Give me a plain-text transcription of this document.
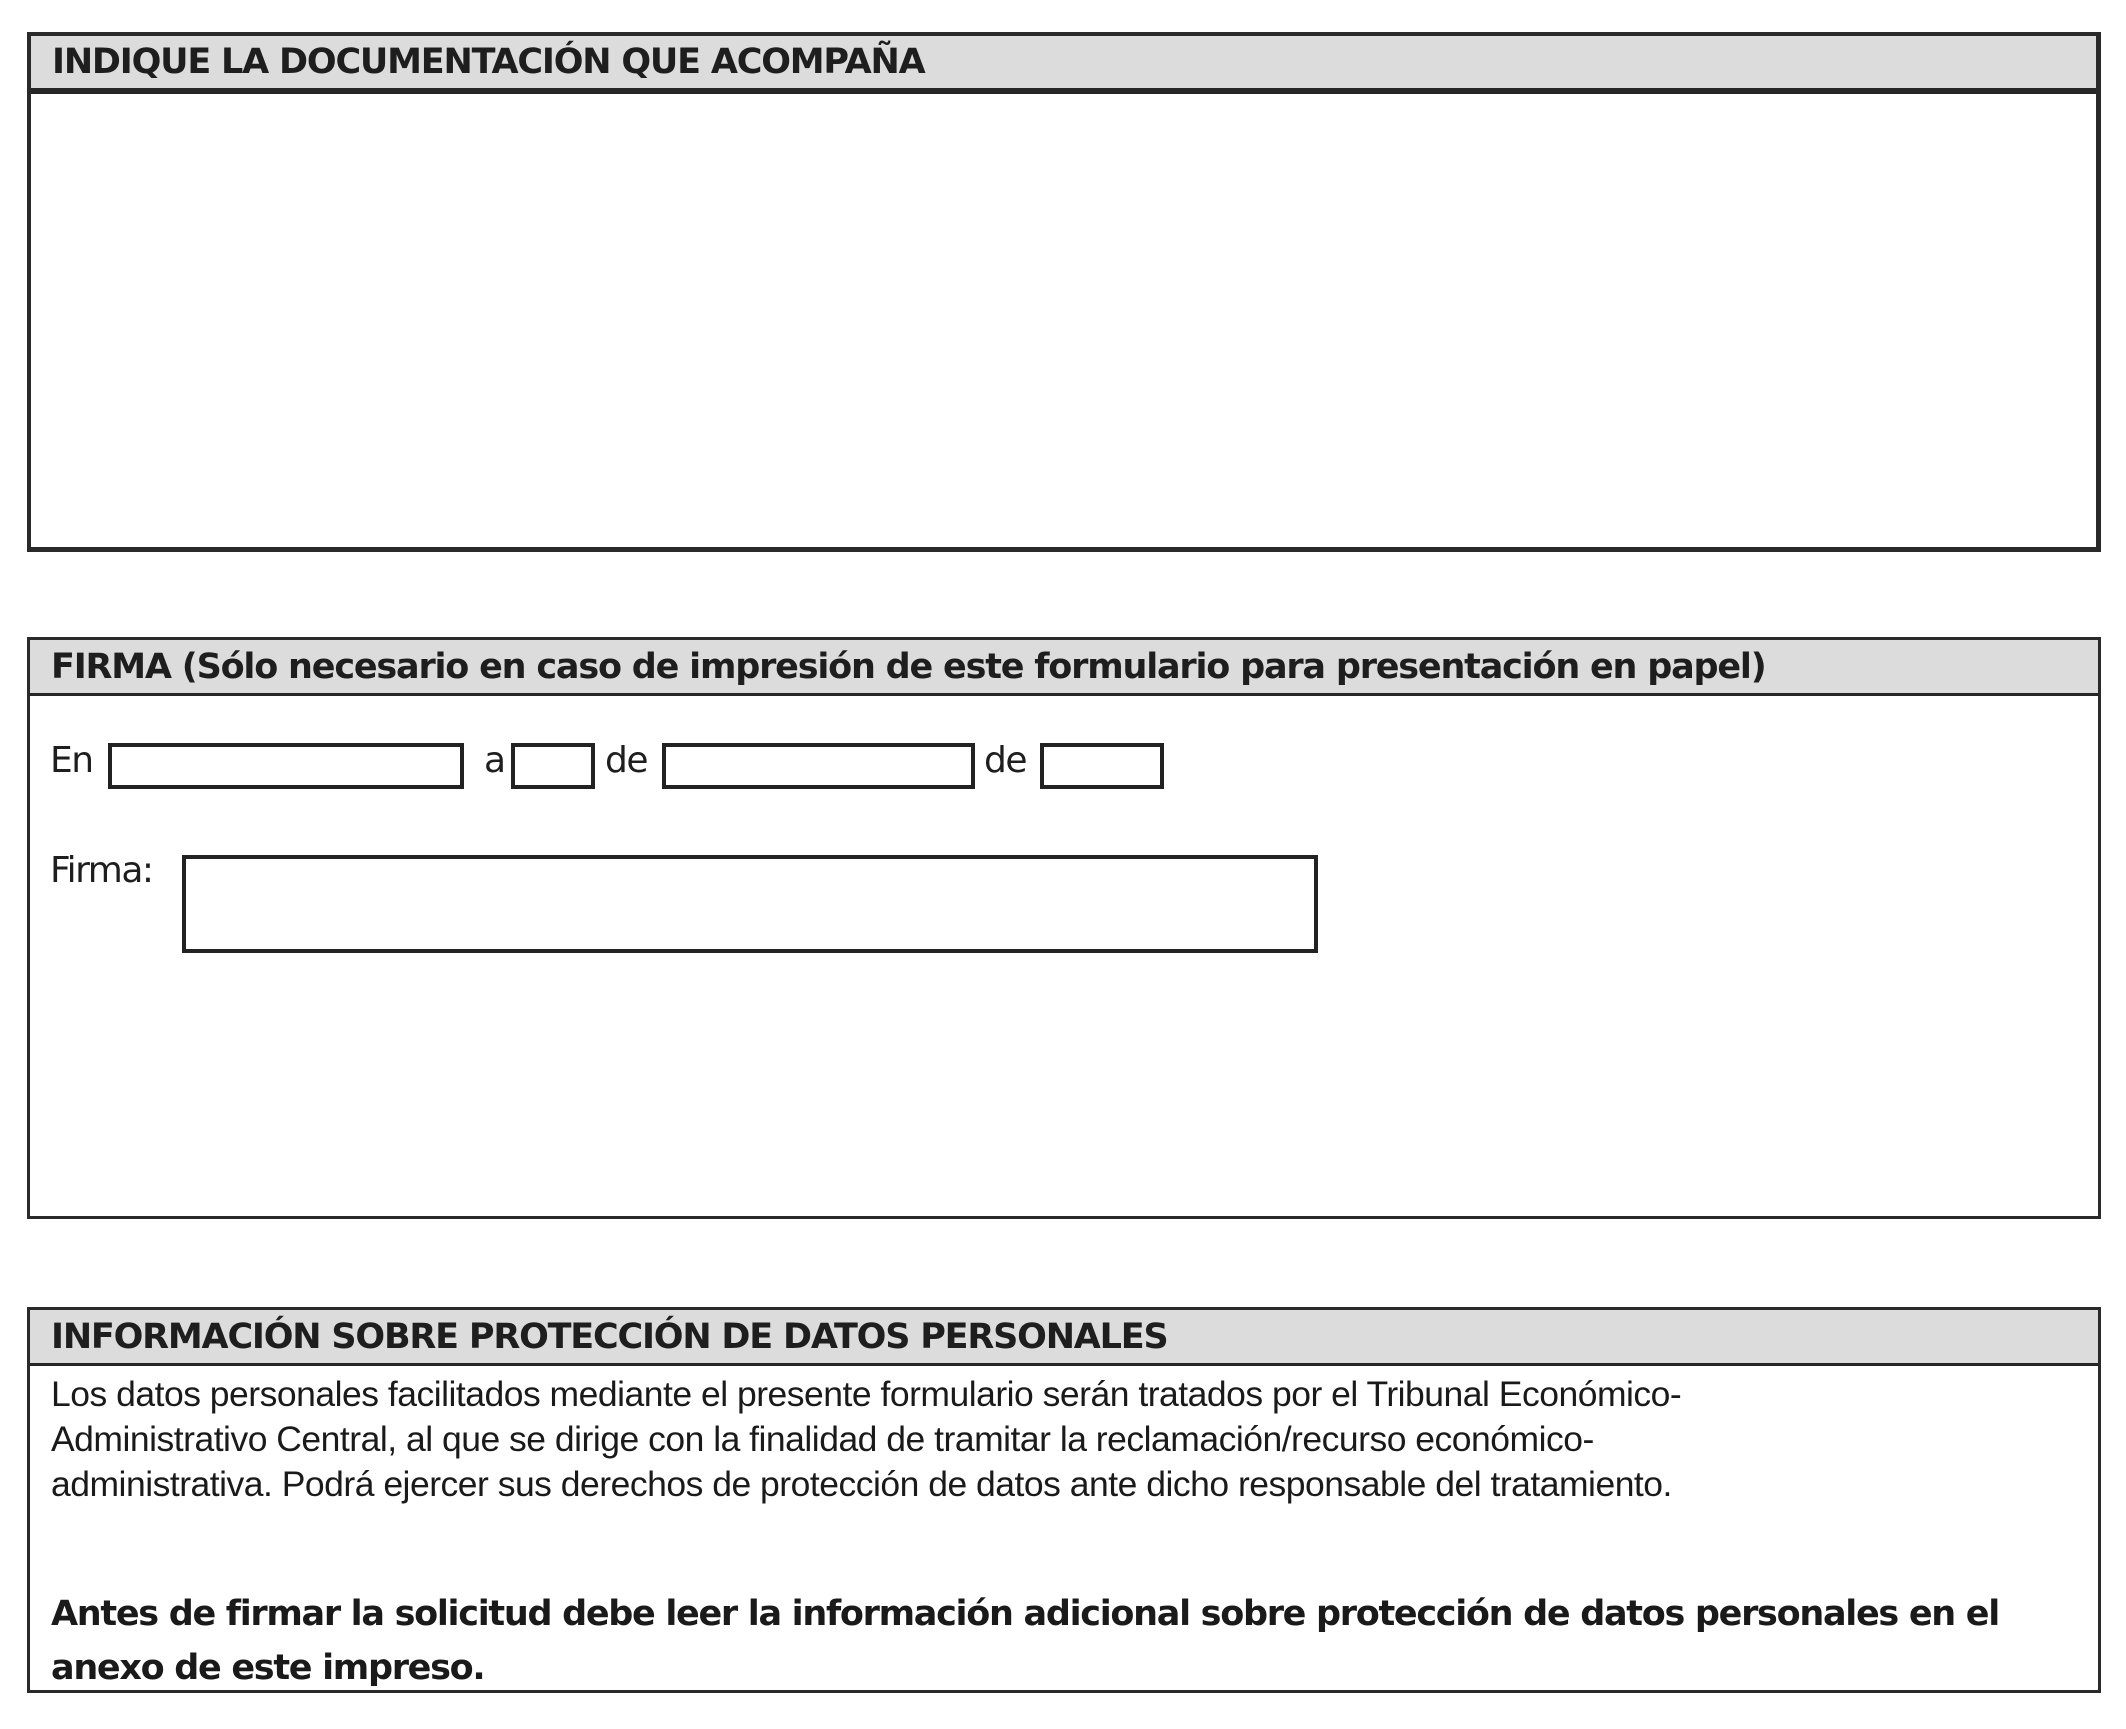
INDIQUE LA DOCUMENTACIÓN QUE ACOMPAÑA
FIRMA (Sólo necesario en caso de impresión de este formulario para presentación en papel)
En	a	de	de
Firma:
INFORMACIÓN SOBRE PROTECCIÓN DE DATOS PERSONALES
Los datos personales facilitados mediante el presente formulario serán tratados por el Tribunal Económico-
Administrativo Central, al que se dirige con la finalidad de tramitar la reclamación/recurso económico-
administrativa. Podrá ejercer sus derechos de protección de datos ante dicho responsable del tratamiento.
Antes de firmar la solicitud debe leer la información adicional sobre protección de datos personales en el
anexo de este impreso.
